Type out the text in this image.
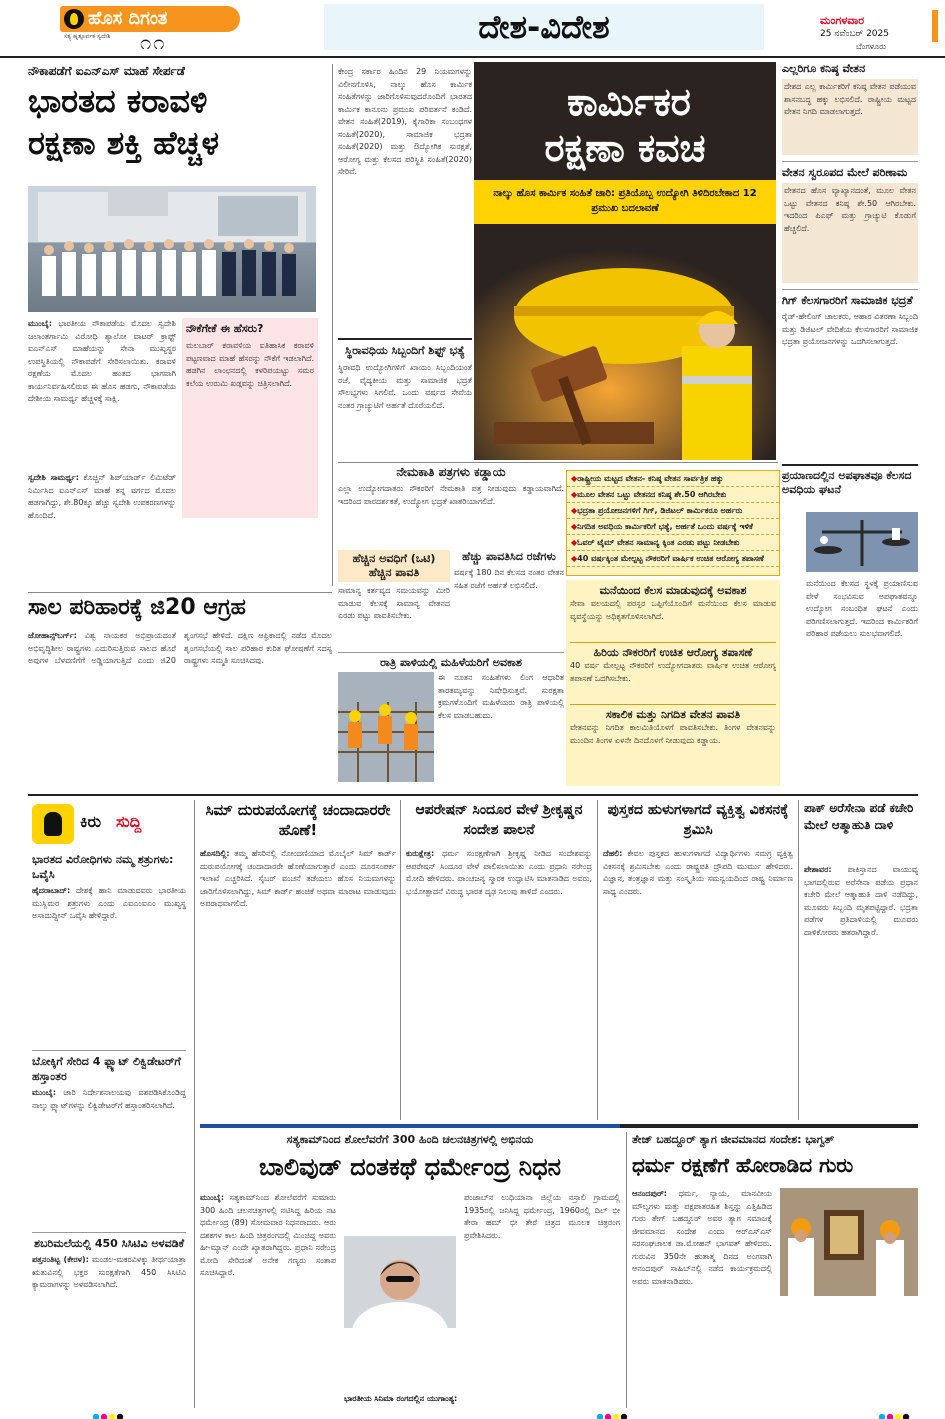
ಹೊಸ ದಿಗಂತ
ಸತ್ಯ ಹೃತ್ಪೂರ್ವಕ ಸ್ವದೇಶಿ	೧೧	ದೇಶ-ವಿದೇಶ	ಮಂಗಳವಾರ
25 ನವೆಂಬರ್ 2025
ಬೆಂಗಳೂರು
ನೌಕಾಪಡೆಗೆ ಐಎನ್‌ಎಸ್ ಮಾಹೆ ಸೇರ್ಪಡೆ
ಭಾರತದ ಕರಾವಳಿ
ರಕ್ಷಣಾ ಶಕ್ತಿ ಹೆಚ್ಚಳ
ಮುಂಬೈ: ಭಾರತೀಯ ನೌಕಾಪಡೆಯ ಮೊದಲ ಸ್ವದೇಶಿ ಜಲಾಂತರ್ಗಾಮಿ ವಿರೋಧಿ ಶ್ಯಾಲೋ ವಾಟರ್ ಕ್ರಾಫ್ಟ್ ಐಎನ್‌ಎಸ್ ಮಾಹೆಯನ್ನು ಸೇನಾ ಮುಖ್ಯಸ್ಥರ ಉಪಸ್ಥಿತಿಯಲ್ಲಿ ನೌಕಾಪಡೆಗೆ ಸೇರಿಸಲಾಯಿತು. ಕರಾವಳಿ ರಕ್ಷಣೆಯ ಮೊದಲ ಹಂತದ ಭಾಗವಾಗಿ ಕಾರ್ಯನಿರ್ವಹಿಸಲಿರುವ ಈ ಹೊಸ ಹಡಗು, ನೌಕಾಪಡೆಯ ದೇಶೀಯ ಸಾಮರ್ಥ್ಯ ಹೆಚ್ಚಳಕ್ಕೆ ಸಾಕ್ಷಿ.
ಸ್ವದೇಶಿ ಸಾಮರ್ಥ್ಯ: ಕೊಚ್ಚಿನ್ ಶಿಪ್‌ಯಾರ್ಡ್ ಲಿಮಿಟೆಡ್ ನಿರ್ಮಿಸಿದ ಐಎನ್‌ಎಸ್ ಮಾಹೆ ತನ್ನ ವರ್ಗದ ಮೊದಲ ಹಡಗಾಗಿದ್ದು, ಶೇ.80ಕ್ಕೂ ಹೆಚ್ಚು ಸ್ವದೇಶಿ ಉಪಕರಣಗಳನ್ನು ಹೊಂದಿದೆ.
ನೌಕೆಗೇಕೆ ಈ ಹೆಸರು?
ಮಲಬಾರ್ ಕರಾವಳಿಯ ಐತಿಹಾಸಿಕ ಕರಾವಳಿ ಪಟ್ಟಣವಾದ ಮಾಹೆ ಹೆಸರನ್ನು ನೌಕೆಗೆ ಇಡಲಾಗಿದೆ. ಹಡಗಿನ ಲಾಂಛನದಲ್ಲಿ ಕಳರಿಪಯಟ್ಟು ಸಮರ ಕಲೆಯ ಉರುಮಿ ಖಡ್ಗವನ್ನು ಚಿತ್ರಿಸಲಾಗಿದೆ.
ಕೇಂದ್ರ ಸರ್ಕಾರ ಹಿಂದಿನ 29 ನಿಯಮಗಳನ್ನು ವಿಲೀನಗೊಳಿಸಿ, ನಾಲ್ಕು ಹೊಸ ಕಾರ್ಮಿಕ ಸಂಹಿತೆಗಳನ್ನು ಜಾರಿಗೊಳಿಸುವುದರೊಂದಿಗೆ ಭಾರತದ ಕಾರ್ಮಿಕ ಕಾನೂನು ಪ್ರಮುಖ ಪರಿವರ್ತನೆ ಕಂಡಿದೆ. ವೇತನ ಸಂಹಿತೆ(2019), ಕೈಗಾರಿಕಾ ಸಂಬಂಧಗಳ ಸಂಹಿತೆ(2020), ಸಾಮಾಜಿಕ ಭದ್ರತಾ ಸಂಹಿತೆ(2020) ಮತ್ತು ಔದ್ಯೋಗಿಕ ಸುರಕ್ಷತೆ, ಆರೋಗ್ಯ ಮತ್ತು ಕೆಲಸದ ಪರಿಸ್ಥಿತಿ ಸಂಹಿತೆ(2020) ಸೇರಿವೆ.
ಸ್ಥಿರಾವಧಿಯ ಸಿಬ್ಬಂದಿಗೆ ಶಿಫ್ಟ್ ಭತ್ಯೆ
ಸ್ಥಿರಾವಧಿ ಉದ್ಯೋಗಿಗಳಿಗೆ ಖಾಯಂ ಸಿಬ್ಬಂದಿಯಂತೆ ರಜೆ, ವೈದ್ಯಕೀಯ ಮತ್ತು ಸಾಮಾಜಿಕ ಭದ್ರತೆ ಸೌಲಭ್ಯಗಳು ಸಿಗಲಿವೆ. ಒಂದು ವರ್ಷದ ಸೇವೆಯ ನಂತರ ಗ್ರಾಚ್ಯುಟಿಗೆ ಅರ್ಹತೆ ದೊರೆಯಲಿದೆ.
ಕಾರ್ಮಿಕರ
ರಕ್ಷಣಾ ಕವಚ
ನಾಲ್ಕು ಹೊಸ ಕಾರ್ಮಿಕ ಸಂಹಿತೆ ಜಾರಿ: ಪ್ರತಿಯೊಬ್ಬ ಉದ್ಯೋಗಿ ತಿಳಿದಿರಬೇಕಾದ 12 ಪ್ರಮುಖ ಬದಲಾವಣೆ
ಎಲ್ಲರಿಗೂ ಕನಿಷ್ಠ ವೇತನ
ದೇಶದ ಎಲ್ಲ ಕಾರ್ಮಿಕರಿಗೆ ಕನಿಷ್ಠ ವೇತನ ಪಡೆಯುವ ಶಾಸನಬದ್ಧ ಹಕ್ಕು ಲಭಿಸಲಿದೆ. ರಾಷ್ಟ್ರೀಯ ಮಟ್ಟದ ವೇತನ ನಿಗದಿ ಮಾಡಲಾಗುತ್ತದೆ.
ವೇತನ ಸ್ವರೂಪದ ಮೇಲೆ ಪರಿಣಾಮ
ವೇತನದ ಹೊಸ ವ್ಯಾಖ್ಯಾನದಂತೆ, ಮೂಲ ವೇತನ ಒಟ್ಟು ವೇತನದ ಕನಿಷ್ಠ ಶೇ.50 ಆಗಿರಬೇಕು. ಇದರಿಂದ ಪಿಎಫ್ ಮತ್ತು ಗ್ರಾಚ್ಯುಟಿ ಕೊಡುಗೆ ಹೆಚ್ಚಲಿದೆ.
ಗಿಗ್ ಕೆಲಸಗಾರರಿಗೆ ಸಾಮಾಜಿಕ ಭದ್ರತೆ
ರೈಡ್-ಹೇಲಿಂಗ್ ಚಾಲಕರು, ಆಹಾರ ವಿತರಣಾ ಸಿಬ್ಬಂದಿ ಮತ್ತು ಡಿಜಿಟಲ್ ವೇದಿಕೆಯ ಕೆಲಸಗಾರರಿಗೆ ಸಾಮಾಜಿಕ ಭದ್ರತಾ ಪ್ರಯೋಜನಗಳನ್ನು ಒದಗಿಸಲಾಗುತ್ತದೆ.
ನೇಮಕಾತಿ ಪತ್ರಗಳು ಕಡ್ಡಾಯ
ಎಲ್ಲಾ ಉದ್ಯೋಗದಾತರು ನೌಕರರಿಗೆ ನೇಮಕಾತಿ ಪತ್ರ ನೀಡುವುದು ಕಡ್ಡಾಯವಾಗಿದೆ. ಇದರಿಂದ ಪಾರದರ್ಶಕತೆ, ಉದ್ಯೋಗ ಭದ್ರತೆ ಖಾತರಿಯಾಗಲಿದೆ.
ಹೆಚ್ಚಿನ ಅವಧಿಗೆ (ಒಟಿ) ಹೆಚ್ಚಿನ ಪಾವತಿ
ಸಾಮಾನ್ಯ ಕರ್ತವ್ಯದ ಸಮಯವನ್ನು ಮೀರಿ ಮಾಡುವ ಕೆಲಸಕ್ಕೆ ಸಾಮಾನ್ಯ ವೇತನದ ಎರಡು ಪಟ್ಟು ಪಾವತಿಸಬೇಕು.
ಹೆಚ್ಚು ಪಾವತಿಸಿದ ರಜೆಗಳು
ವರ್ಷಕ್ಕೆ 180 ದಿನ ಕೆಲಸದ ನಂತರ ವೇತನ ಸಹಿತ ರಜೆಗೆ ಅರ್ಹತೆ ಲಭಿಸಲಿದೆ.
ರಾತ್ರಿ ಪಾಳಿಯಲ್ಲಿ ಮಹಿಳೆಯರಿಗೆ ಅವಕಾಶ
ಈ ನೂತನ ಸಂಹಿತೆಗಳು ಲಿಂಗ ಆಧಾರಿತ ತಾರತಮ್ಯವನ್ನು ನಿಷೇಧಿಸುತ್ತವೆ. ಸುರಕ್ಷತಾ ಕ್ರಮಗಳೊಂದಿಗೆ ಮಹಿಳೆಯರು ರಾತ್ರಿ ಪಾಳಿಯಲ್ಲಿ ಕೆಲಸ ಮಾಡಬಹುದು.
◆ ರಾಷ್ಟ್ರೀಯ ಮಟ್ಟದ ವೇತನ- ಕನಿಷ್ಠ ವೇತನ ಸಾರ್ವತ್ರಿಕ ಹಕ್ಕು
◆ ಮೂಲ ವೇತನ ಒಟ್ಟು ವೇತನದ ಕನಿಷ್ಠ ಶೇ.50 ಆಗಿರಬೇಕು
◆ ಭದ್ರತಾ ಪ್ರಯೋಜನಗಳಿಗೆ ಗಿಗ್, ಡಿಜಿಟಲ್ ಕಾರ್ಮಿಕರೂ ಅರ್ಹರು
◆ ನಿಗದಿತ ಅವಧಿಯ ಕಾರ್ಮಿಕರಿಗೆ ಭತ್ಯೆ, ಅರ್ಹತೆ ಒಂದು ವರ್ಷಕ್ಕೆ ಇಳಿಕೆ
◆ ಓವರ್ ಟೈಮ್ ವೇತನ ಸಾಮಾನ್ಯ ಕ್ಕಿಂತ ಎರಡು ಪಟ್ಟು ನೀಡಬೇಕು
◆ 40 ವರ್ಷಕ್ಕಿಂತ ಮೇಲ್ಪಟ್ಟ ನೌಕರರಿಗೆ ವಾರ್ಷಿಕ ಉಚಿತ ಆರೋಗ್ಯ ತಪಾಸಣೆ
ಮನೆಯಿಂದ ಕೆಲಸ ಮಾಡುವುದಕ್ಕೆ ಅವಕಾಶ
ಸೇವಾ ವಲಯದಲ್ಲಿ ಪರಸ್ಪರ ಒಪ್ಪಿಗೆಯೊಂದಿಗೆ ಮನೆಯಿಂದ ಕೆಲಸ ಮಾಡುವ ವ್ಯವಸ್ಥೆಯನ್ನು ಅಧಿಕೃತಗೊಳಿಸಲಾಗಿದೆ.
ಹಿರಿಯ ನೌಕರರಿಗೆ ಉಚಿತ ಆರೋಗ್ಯ ತಪಾಸಣೆ
40 ವರ್ಷ ಮೇಲ್ಪಟ್ಟ ನೌಕರರಿಗೆ ಉದ್ಯೋಗದಾತರು ವಾರ್ಷಿಕ ಉಚಿತ ಆರೋಗ್ಯ ತಪಾಸಣೆ ಒದಗಿಸಬೇಕು.
ಸಕಾಲಿಕ ಮತ್ತು ನಿಗದಿತ ವೇತನ ಪಾವತಿ
ವೇತನವನ್ನು ನಿಗದಿತ ಕಾಲಮಿತಿಯೊಳಗೆ ಪಾವತಿಸಬೇಕು. ತಿಂಗಳ ವೇತನವನ್ನು ಮುಂದಿನ ತಿಂಗಳ ಏಳನೇ ದಿನದೊಳಗೆ ನೀಡುವುದು ಕಡ್ಡಾಯ.
ಪ್ರಯಾಣದಲ್ಲಿನ ಅಪಘಾತವೂ ಕೆಲಸದ ಅವಧಿಯ ಘಟನೆ
ಮನೆಯಿಂದ ಕೆಲಸದ ಸ್ಥಳಕ್ಕೆ ಪ್ರಯಾಣಿಸುವ ವೇಳೆ ಸಂಭವಿಸುವ ಅಪಘಾತವನ್ನೂ ಉದ್ಯೋಗ ಸಂಬಂಧಿತ ಘಟನೆ ಎಂದು ಪರಿಗಣಿಸಲಾಗುತ್ತದೆ. ಇದರಿಂದ ಕಾರ್ಮಿಕರಿಗೆ ಪರಿಹಾರ ಪಡೆಯಲು ಸುಲಭವಾಗಲಿದೆ.
ಸಾಲ ಪರಿಹಾರಕ್ಕೆ ಜಿ20 ಆಗ್ರಹ
ಜೋಹಾನ್ಸ್‌ಬರ್ಗ್: ವಿಶ್ವ ನಾಯಕರ ಅಭಿಪ್ರಾಯದಂತೆ ಅಭಿವೃದ್ಧಿಶೀಲ ರಾಷ್ಟ್ರಗಳು ಎದುರಿಸುತ್ತಿರುವ ಸಾಲದ ಹೊರೆ ಅವುಗಳ ಬೆಳವಣಿಗೆಗೆ ಅಡ್ಡಿಯಾಗುತ್ತಿದೆ ಎಂದು ಜಿ20 ಶೃಂಗಸಭೆ ಹೇಳಿದೆ. ದಕ್ಷಿಣ ಆಫ್ರಿಕಾದಲ್ಲಿ ನಡೆದ ಮೊದಲ ಶೃಂಗಸಭೆಯಲ್ಲಿ ಸಾಲ ಪರಿಹಾರ ಕುರಿತ ಘೋಷಣೆಗೆ ಸದಸ್ಯ ರಾಷ್ಟ್ರಗಳು ಸಮ್ಮತಿ ಸೂಚಿಸಿದವು.
ಕಿರು ಸುದ್ದಿ
ಭಾರತದ ವಿರೋಧಿಗಳು ನಮ್ಮ ಶತ್ರುಗಳು: ಒವೈಸಿ
ಹೈದರಾಬಾದ್: ದೇಶಕ್ಕೆ ಹಾನಿ ಮಾಡುವವರು ಭಾರತೀಯ ಮುಸ್ಲಿಮರ ಶತ್ರುಗಳು ಎಂದು ಎಐಎಂಐಎಂ ಮುಖ್ಯಸ್ಥ ಅಸಾದುದ್ದೀನ್ ಒವೈಸಿ ಹೇಳಿದ್ದಾರೆ.
ಬೋಕ್ಕಿಗೆ ಸೇರಿದ 4 ಫ್ಲ್ಯಾಟ್ ಲಿಕ್ವಿಡೇಟರ್‌ಗೆ ಹಸ್ತಾಂತರ
ಮುಂಬೈ: ಜಾರಿ ನಿರ್ದೇಶನಾಲಯವು ವಶಪಡಿಸಿಕೊಂಡಿದ್ದ ನಾಲ್ಕು ಫ್ಲ್ಯಾಟ್‌ಗಳನ್ನು ಲಿಕ್ವಿಡೇಟರ್‌ಗೆ ಹಸ್ತಾಂತರಿಸಲಾಗಿದೆ.
ಶಬರಿಮಲೆಯಲ್ಲಿ 450 ಸಿಸಿಟಿವಿ ಅಳವಡಿಕೆ
ಪತ್ತನಂತಿಟ್ಟ (ಕೇರಳ): ಮಂಡಲ-ಮಕರವಿಳಕ್ಕು ತೀರ್ಥಯಾತ್ರಾ ಋತುವಿನಲ್ಲಿ ಭಕ್ತರ ಸುರಕ್ಷತೆಗಾಗಿ 450 ಸಿಸಿಟಿವಿ ಕ್ಯಾಮರಾಗಳನ್ನು ಅಳವಡಿಸಲಾಗಿದೆ.
ಸಿಮ್ ದುರುಪಯೋಗಕ್ಕೆ ಚಂದಾದಾರರೇ ಹೊಣೆ!
ಹೊಸದಿಲ್ಲಿ: ತಮ್ಮ ಹೆಸರಿನಲ್ಲಿ ನೋಂದಣಿಯಾದ ಮೊಬೈಲ್ ಸಿಮ್ ಕಾರ್ಡ್ ದುರುಪಯೋಗಕ್ಕೆ ಚಂದಾದಾರರೇ ಹೊಣೆಯಾಗುತ್ತಾರೆ ಎಂದು ದೂರಸಂಪರ್ಕ ಇಲಾಖೆ ಎಚ್ಚರಿಸಿದೆ. ಸೈಬರ್ ವಂಚನೆ ತಡೆಯಲು ಹೊಸ ನಿಯಮಗಳನ್ನು ಜಾರಿಗೊಳಿಸಲಾಗಿದ್ದು, ಸಿಮ್ ಕಾರ್ಡ್ ಹಂಚಿಕೆ ಅಥವಾ ಮಾರಾಟ ಮಾಡುವುದು ಅಪರಾಧವಾಗಲಿದೆ.
ಆಪರೇಷನ್ ಸಿಂದೂರ ವೇಳೆ ಶ್ರೀಕೃಷ್ಣನ ಸಂದೇಶ ಪಾಲನೆ
ಕುರುಕ್ಷೇತ್ರ: ಧರ್ಮ ಸಂರಕ್ಷಣೆಗಾಗಿ ಶ್ರೀಕೃಷ್ಣ ನೀಡಿದ ಸಂದೇಶವನ್ನು ಆಪರೇಷನ್ ಸಿಂದೂರ ವೇಳೆ ಪಾಲಿಸಲಾಯಿತು ಎಂದು ಪ್ರಧಾನಿ ನರೇಂದ್ರ ಮೋದಿ ಹೇಳಿದರು. ಪಾಂಚಜನ್ಯ ಸ್ಮಾರಕ ಉದ್ಘಾಟಿಸಿ ಮಾತನಾಡಿದ ಅವರು, ಭಯೋತ್ಪಾದನೆ ವಿರುದ್ಧ ಭಾರತ ದೃಢ ನಿಲುವು ತಾಳಿದೆ ಎಂದರು.
ಪುಸ್ತಕದ ಹುಳುಗಳಾಗದೆ ವ್ಯಕ್ತಿತ್ವ ವಿಕಸನಕ್ಕೆ ಶ್ರಮಿಸಿ
ದೆಹಲಿ: ಕೇವಲ ಪುಸ್ತಕದ ಹುಳುಗಳಾಗದೆ ವಿದ್ಯಾರ್ಥಿಗಳು ಸಮಗ್ರ ವ್ಯಕ್ತಿತ್ವ ವಿಕಸನಕ್ಕೆ ಶ್ರಮಿಸಬೇಕು ಎಂದು ರಾಷ್ಟ್ರಪತಿ ದ್ರೌಪದಿ ಮುರ್ಮು ಹೇಳಿದರು. ವಿಜ್ಞಾನ, ತಂತ್ರಜ್ಞಾನ ಮತ್ತು ಸಂಸ್ಕೃತಿಯ ಸಮನ್ವಯದಿಂದ ರಾಷ್ಟ್ರ ನಿರ್ಮಾಣ ಸಾಧ್ಯ ಎಂದರು.
ಪಾಕ್ ಅರೆಸೇನಾ ಪಡೆ ಕಚೇರಿ ಮೇಲೆ ಆತ್ಮಾಹುತಿ ದಾಳಿ
ಪೇಶಾವರ: ಪಾಕಿಸ್ತಾನದ ವಾಯುವ್ಯ ಭಾಗದಲ್ಲಿರುವ ಅರೆಸೇನಾ ಪಡೆಯ ಪ್ರಧಾನ ಕಚೇರಿ ಮೇಲೆ ಆತ್ಮಾಹುತಿ ದಾಳಿ ನಡೆದಿದ್ದು, ಮೂವರು ಸಿಬ್ಬಂದಿ ಮೃತಪಟ್ಟಿದ್ದಾರೆ. ಭದ್ರತಾ ಪಡೆಗಳ ಪ್ರತಿದಾಳಿಯಲ್ಲಿ ಮೂವರು ದಾಳಿಕೋರರು ಹತರಾಗಿದ್ದಾರೆ.
ಸತ್ಯಕಾಮ್‌ನಿಂದ ಶೋಲೆವರೆಗೆ 300 ಹಿಂದಿ ಚಲನಚಿತ್ರಗಳಲ್ಲಿ ಅಭಿನಯ
ಬಾಲಿವುಡ್ ದಂತಕಥೆ ಧರ್ಮೇಂದ್ರ ನಿಧನ
ಮುಂಬೈ: ಸತ್ಯಕಾಮ್‌ನಿಂದ ಶೋಲೆವರೆಗೆ ಸುಮಾರು 300 ಹಿಂದಿ ಚಲನಚಿತ್ರಗಳಲ್ಲಿ ನಟಿಸಿದ್ದ ಹಿರಿಯ ನಟ ಧರ್ಮೇಂದ್ರ (89) ಸೋಮವಾರ ನಿಧನರಾದರು. ಆರು ದಶಕಗಳ ಕಾಲ ಹಿಂದಿ ಚಿತ್ರರಂಗದಲ್ಲಿ ಮಿಂಚಿದ್ದ ಅವರು ಹೀ-ಮ್ಯಾನ್ ಎಂದೇ ಖ್ಯಾತರಾಗಿದ್ದರು. ಪ್ರಧಾನಿ ನರೇಂದ್ರ ಮೋದಿ ಸೇರಿದಂತೆ ಅನೇಕ ಗಣ್ಯರು ಸಂತಾಪ ಸೂಚಿಸಿದ್ದಾರೆ.
ಪಂಜಾಬ್‌ನ ಲುಧಿಯಾನಾ ಜಿಲ್ಲೆಯ ನಸ್ರಾಲಿ ಗ್ರಾಮದಲ್ಲಿ 1935ರಲ್ಲಿ ಜನಿಸಿದ್ದ ಧರ್ಮೇಂದ್ರ, 1960ರಲ್ಲಿ ದಿಲ್ ಭೀ ತೇರಾ ಹಮ್ ಭೀ ತೇರೆ ಚಿತ್ರದ ಮೂಲಕ ಚಿತ್ರರಂಗ ಪ್ರವೇಶಿಸಿದರು.
ಭಾರತೀಯ ಸಿನಿಮಾ ರಂಗದಲ್ಲಿನ ಯುಗಾಂತ್ಯ:
ತೇಜ್ ಬಹದ್ದೂರ್ ತ್ಯಾಗ ಜೀವಮಾನದ ಸಂದೇಶ: ಭಾಗ್ವತ್
ಧರ್ಮ ರಕ್ಷಣೆಗೆ ಹೋರಾಡಿದ ಗುರು
ಆನಂದಪುರ್: ಧರ್ಮ, ನ್ಯಾಯ, ಮಾನವೀಯ ಮೌಲ್ಯಗಳು ಮತ್ತು ಪಕ್ಷಪಾತರಹಿತ ಶಿಸ್ತನ್ನು ಎತ್ತಿಹಿಡಿದ ಗುರು ತೇಗ್ ಬಹದ್ದೂರ್ ಅವರ ತ್ಯಾಗ ಸಮಾಜಕ್ಕೆ ಜೀವಮಾನದ ಸಂದೇಶ ಎಂದು ಆರ್‌ಎಸ್‌ಎಸ್ ಸರಸಂಘಚಾಲಕ ಡಾ.ಮೋಹನ್ ಭಾಗವತ್ ಹೇಳಿದರು. ಗುರುವಿನ 350ನೇ ಹುತಾತ್ಮ ದಿನದ ಅಂಗವಾಗಿ ಆನಂದಪುರ್ ಸಾಹಿಬ್‌ನಲ್ಲಿ ನಡೆದ ಕಾರ್ಯಕ್ರಮದಲ್ಲಿ ಅವರು ಮಾತನಾಡಿದರು.
